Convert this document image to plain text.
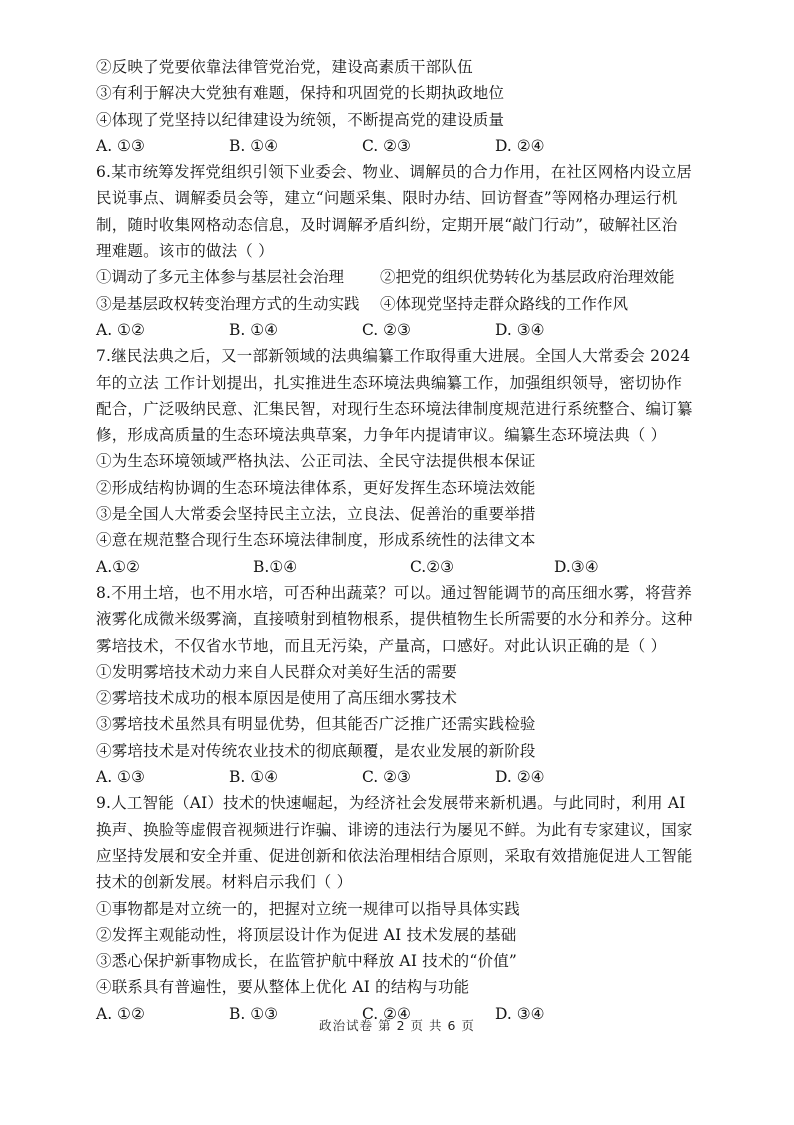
②反映了党要依靠法律管党治党，建设高素质干部队伍
③有利于解决大党独有难题，保持和巩固党的长期执政地位
④体现了党坚持以纪律建设为统领，不断提高党的建设质量
A. ①③	B. ①④	C. ②③	D. ②④
6.某市统筹发挥党组织引领下业委会、物业、调解员的合力作用，在社区网格内设立居
民说事点、调解委员会等，建立“问题采集、限时办结、回访督查”等网格办理运行机
制，随时收集网格动态信息，及时调解矛盾纠纷，定期开展“敲门行动”，破解社区治
理难题。该市的做法（ ）
①调动了多元主体参与基层社会治理	②把党的组织优势转化为基层政府治理效能
③是基层政权转变治理方式的生动实践	④体现党坚持走群众路线的工作作风
A. ①②	B. ①④	C. ②③	D. ③④
7.继民法典之后，又一部新领域的法典编纂工作取得重大进展。全国人大常委会 2024
年的立法 工作计划提出，扎实推进生态环境法典编纂工作，加强组织领导，密切协作
配合，广泛吸纳民意、汇集民智，对现行生态环境法律制度规范进行系统整合、编订纂
修，形成高质量的生态环境法典草案，力争年内提请审议。编纂生态环境法典（ ）
①为生态环境领域严格执法、公正司法、全民守法提供根本保证
②形成结构协调的生态环境法律体系，更好发挥生态环境法效能
③是全国人大常委会坚持民主立法，立良法、促善治的重要举措
④意在规范整合现行生态环境法律制度，形成系统性的法律文本
A.①②	B.①④	C.②③	D.③④
8.不用土培，也不用水培，可否种出蔬菜？可以。通过智能调节的高压细水雾，将营养
液雾化成微米级雾滴，直接喷射到植物根系，提供植物生长所需要的水分和养分。这种
雾培技术，不仅省水节地，而且无污染，产量高，口感好。对此认识正确的是（ ）
①发明雾培技术动力来自人民群众对美好生活的需要
②雾培技术成功的根本原因是使用了高压细水雾技术
③雾培技术虽然具有明显优势，但其能否广泛推广还需实践检验
④雾培技术是对传统农业技术的彻底颠覆，是农业发展的新阶段
A. ①③	B. ①④	C. ②③	D. ②④
9.人工智能（AI）技术的快速崛起，为经济社会发展带来新机遇。与此同时，利用 AI
换声、换脸等虚假音视频进行诈骗、诽谤的违法行为屡见不鲜。为此有专家建议，国家
应坚持发展和安全并重、促进创新和依法治理相结合原则，采取有效措施促进人工智能
技术的创新发展。材料启示我们（ ）
①事物都是对立统一的，把握对立统一规律可以指导具体实践
②发挥主观能动性，将顶层设计作为促进 AI 技术发展的基础
③悉心保护新事物成长，在监管护航中释放 AI 技术的“价值”
④联系具有普遍性，要从整体上优化 AI 的结构与功能
A. ①②	B. ①③	C. ②④	D. ③④
政治试卷 第 2 页 共 6 页
